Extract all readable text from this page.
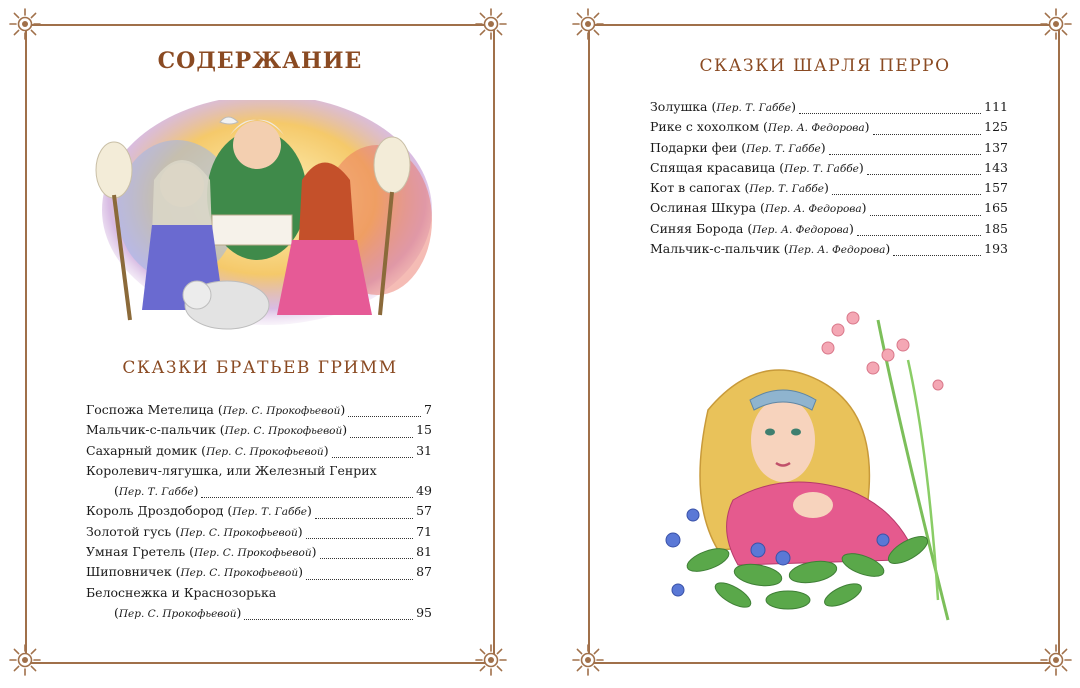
СОДЕРЖАНИЕ
СКАЗКИ БРАТЬЕВ ГРИММ
Госпожа Метелица ( Пер. С. Прокофьевой )	7
Мальчик-с-пальчик ( Пер. С. Прокофьевой )	15
Сахарный домик ( Пер. С. Прокофьевой )	31
Королевич-лягушка, или Железный Генрих
( Пер. Т. Габбе )	49
Король Дроздобород ( Пер. Т. Габбе )	57
Золотой гусь ( Пер. С. Прокофьевой )	71
Умная Гретель ( Пер. С. Прокофьевой )	81
Шиповничек ( Пер. С. Прокофьевой )	87
Белоснежка и Краснозорька
( Пер. С. Прокофьевой )	95
СКАЗКИ ШАРЛЯ ПЕРРО
Золушка ( Пер. Т. Габбе )	111
Рике с хохолком ( Пер. А. Федорова )	125
Подарки феи ( Пер. Т. Габбе )	137
Спящая красавица ( Пер. Т. Габбе )	143
Кот в сапогах ( Пер. Т. Габбе )	157
Ослиная Шкура ( Пер. А. Федорова )	165
Синяя Борода ( Пер. А. Федорова )	185
Мальчик-с-пальчик ( Пер. А. Федорова )	193
